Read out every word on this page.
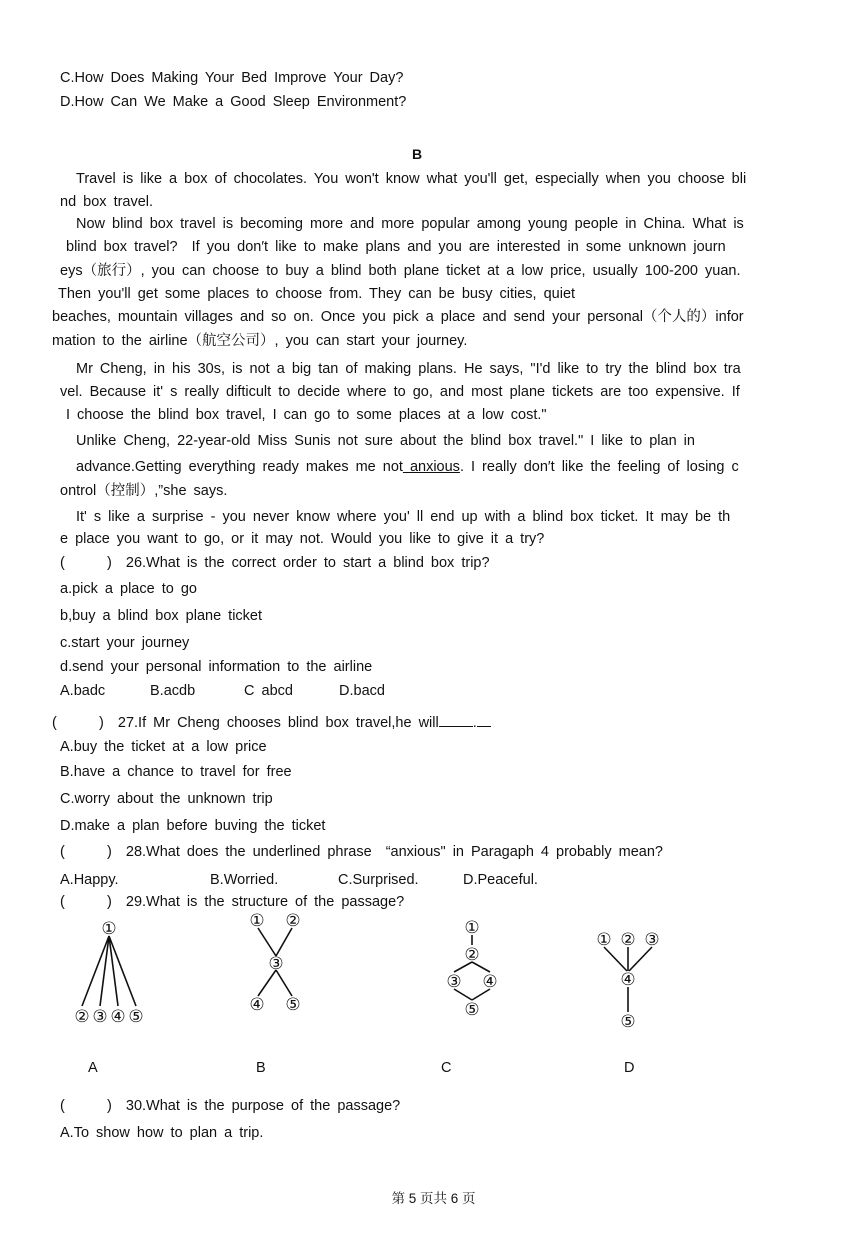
C.How Does Making Your Bed Improve Your Day?
D.How Can We Make a Good Sleep Environment?
B
Travel is like a box of chocolates. You won't know what you'll get, especially when you choose bli
nd box travel.
Now blind box travel is becoming more and more popular among young people in China. What is
blind box travel?  If you don′t like to make plans and you are interested in some unknown journ
eys（旅行）, you can choose to buy a blind both plane ticket at a low price, usually 100-200 yuan.
Then you'll get some places to choose from. They can be busy cities, quiet
beaches, mountain villages and so on. Once you pick a place and send your personal（个人的）infor
mation to the airline（航空公司）, you can start your journey.
Mr Cheng, in his 30s, is not a big tan of making plans. He says, "I'd like to try the blind box tra
vel. Because it' s really difticult to decide where to go, and most plane tickets are too expensive. If
I choose the blind box travel, I can go to some places at a low cost."
Unlike Cheng, 22-year-old Miss Sunis not sure about the blind box travel." I like to plan in
advance.Getting everything ready makes me not anxious. I really don′t like the feeling of losing c
ontrol（控制）,”she says.
It' s like a surprise - you never know where you' ll end up with a blind box ticket. It may be th
e place you want to go, or it may not. Would you like to give it a try?
(      )  26.What is the correct order to start a blind box trip?
a.pick a place to go
b,buy a blind box plane ticket
c.start your journey
d.send your personal information to the airline
A.badc	B.acdb	C abcd	D.bacd
(      )  27.If Mr Cheng chooses blind box travel,he will .
A.buy the ticket at a low price
B.have a chance to travel for free
C.worry about the unknown trip
D.make a plan before buving the ticket
(      )  28.What does the underlined phrase  “anxious" in Paragaph 4 probably mean?
A.Happy.	B.Worried.	C.Surprised.	D.Peaceful.
(      )  29.What is the structure of the passage?
①
② ③ ④ ⑤
① ②
③
④ ⑤
①
②
③ ④
⑤
① ② ③
④
⑤
A	B	C	D
(      )  30.What is the purpose of the passage?
A.To show how to plan a trip.
第 5 页共 6 页
